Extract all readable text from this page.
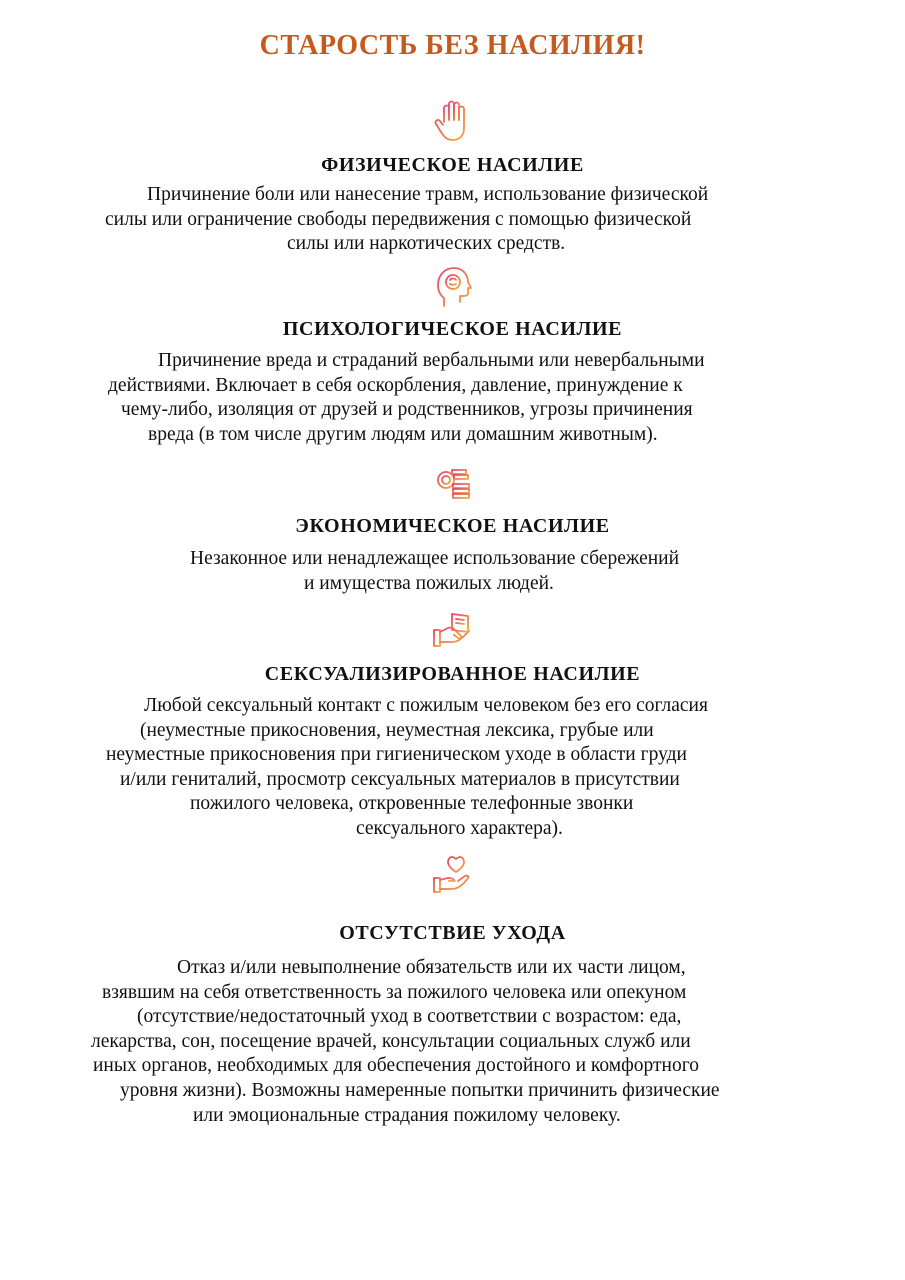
СТАРОСТЬ БЕЗ НАСИЛИЯ!
ФИЗИЧЕСКОЕ НАСИЛИЕ
Причинение боли или нанесение травм, использование физической
силы или ограничение свободы передвижения с помощью физической
силы или наркотических средств.
ПСИХОЛОГИЧЕСКОЕ НАСИЛИЕ
Причинение вреда и страданий вербальными или невербальными
действиями. Включает в себя оскорбления, давление, принуждение к
чему-либо, изоляция от друзей и родственников, угрозы причинения
вреда (в том числе другим людям или домашним животным).
ЭКОНОМИЧЕСКОЕ НАСИЛИЕ
Незаконное или ненадлежащее использование сбережений
и имущества пожилых людей.
СЕКСУАЛИЗИРОВАННОЕ НАСИЛИЕ
Любой сексуальный контакт с пожилым человеком без его согласия
(неуместные прикосновения, неуместная лексика, грубые или
неуместные прикосновения при гигиеническом уходе в области груди
и/или гениталий, просмотр сексуальных материалов в присутствии
пожилого человека, откровенные телефонные звонки
сексуального характера).
ОТСУТСТВИЕ УХОДА
Отказ и/или невыполнение обязательств или их части лицом,
взявшим на себя ответственность за пожилого человека или опекуном
(отсутствие/недостаточный уход в соответствии с возрастом: еда,
лекарства, сон, посещение врачей, консультации социальных служб или
иных органов, необходимых для обеспечения достойного и комфортного
уровня жизни). Возможны намеренные попытки причинить физические
или эмоциональные страдания пожилому человеку.
